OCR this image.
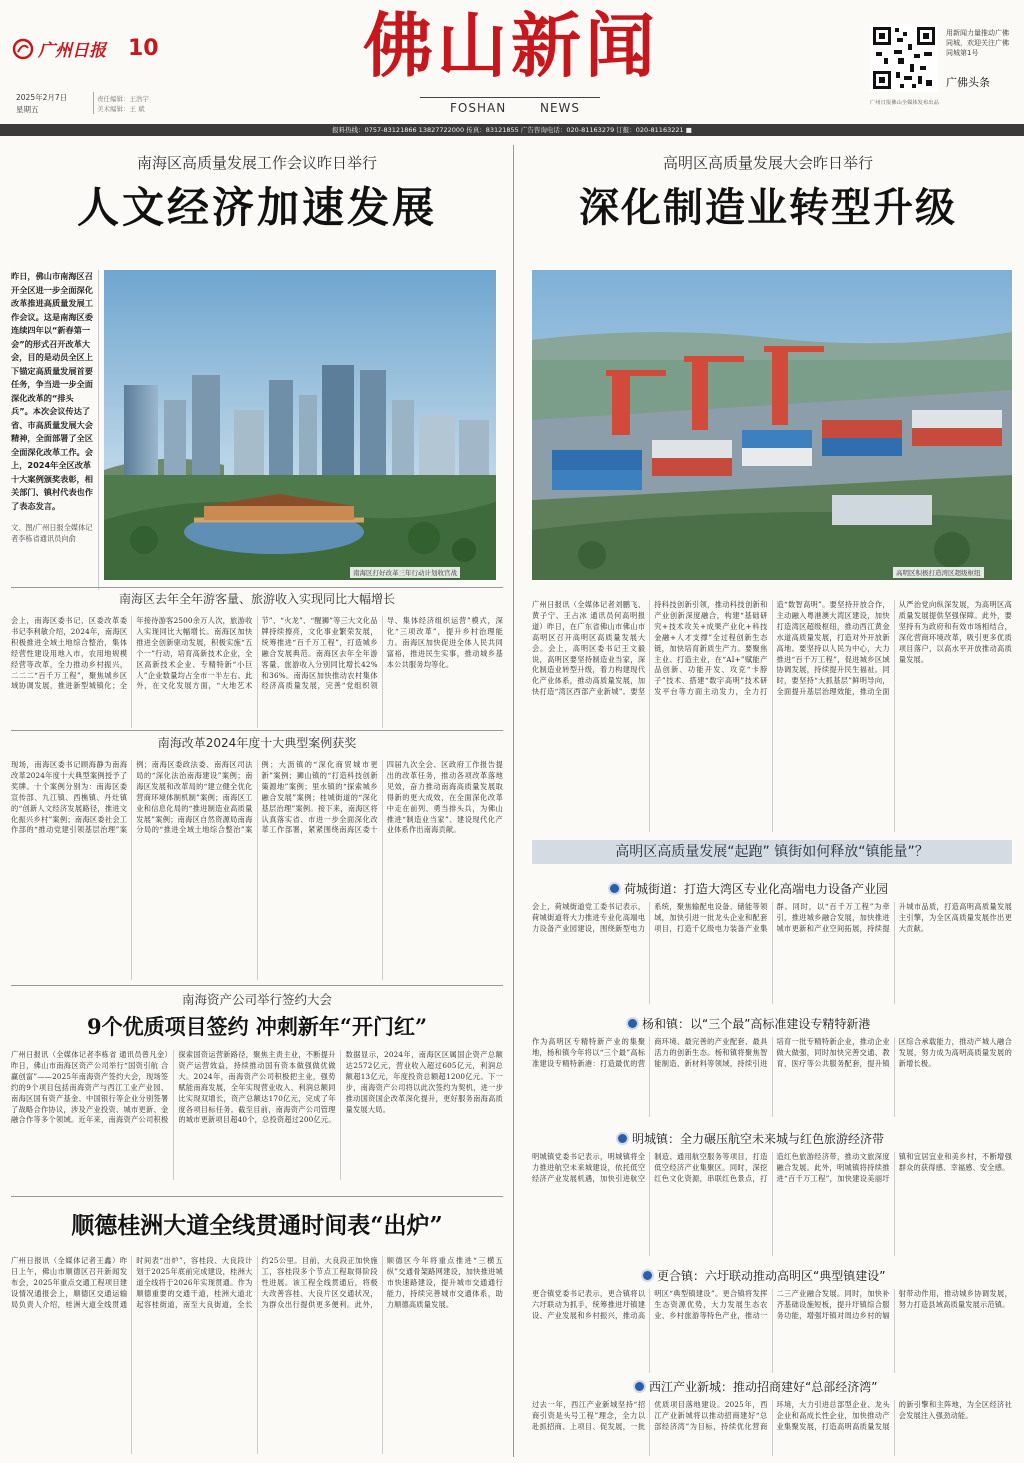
广州日报 10
2025年2月7日
星期五
责任编辑：王浩宇
美术编辑：王 斌
佛山新闻
FOSHAN	NEWS
用新闻力量推动广佛同城，欢迎关注广佛同城第1号
广佛头条
广州日报佛山全媒体发布出品
报料热线：0757-83121866 13827722000 传真：83121855 广告咨询电话：020-81163279 订报：020-81163221 ■
南海区高质量发展工作会议昨日举行
人文经济加速发展
昨日，佛山市南海区召开全区进一步全面深化改革推进高质量发展工作会议。这是南海区委连续四年以“新春第一会”的形式召开改革大会，目的是动员全区上下锚定高质量发展首要任务，争当进一步全面深化改革的“排头兵”。本次会议传达了省、市高质量发展大会精神，全面部署了全区全面深化改革工作。会上，2024年全区改革十大案例颁奖表彰，相关部门、镇村代表也作了表态发言。
文、图/广州日报全媒体记者李栋省通讯员向俞
南海区打好改革三年行动计划收官战
南海区去年全年游客量、旅游收入实现同比大幅增长
会上，南海区委书记、区委改革委书记李利敏介绍，2024年，南海区积极推进全域土地综合整治，集体经营性建设用地入市，农用地规模经营等改革，全力推动乡村振兴，二二二“百千万工程”，聚焦城乡区域协调发展，推进新型城镇化；全年接待游客2500余万人次，旅游收入实现同比大幅增长。南海区加快推进全创新驱动发展，积极实施“五个一”行动，培育高新技术企业，全区高新技术企业、专精特新“小巨人”企业数量均占全市一半左右。此外，在文化发展方面，“大地艺术节”、“火龙”、“醒狮”等三大文化品牌持续擦亮，文化事业繁荣发展，统筹推进“百千万工程”，打造城乡融合发展典范。南海区去年全年游客量、旅游收入分别同比增长42%和36%。南海区加快推动农村集体经济高质量发展，完善“党组织领导、集体经济组织运营”模式，深化“三项改革”，提升乡村治理能力。南海区加快促进全体人民共同富裕，推进民生实事，推动城乡基本公共服务均等化。
南海改革2024年度十大典型案例获奖
现场，南海区委书记顾海静为南海改革2024年度十大典型案例授予了奖牌。十个案例分别为：南海区委宣传部、九江镇、西樵镇、丹灶镇的“创新人文经济发展路径，推进文化振兴乡村”案例；南海区委社会工作部的“推动党建引领基层治理”案例；南海区委政法委、南海区司法局的“深化法治南海建设”案例；南海区发展和改革局的“建立健全优化营商环境体制机制”案例；南海区工业和信息化局的“推进制造业高质量发展”案例；南海区自然资源局南海分局的“推进全域土地综合整治”案例；大沥镇的“深化商贸城市更新”案例；狮山镇的“打造科技创新策源地”案例；里水镇的“探索城乡融合发展”案例；桂城街道的“深化基层治理”案例。接下来，南海区将认真落实省、市进一步全面深化改革工作部署，紧紧围绕南海区委十四届九次全会、区政府工作报告提出的改革任务，推动各项改革落地见效，奋力推动南海高质量发展取得新的更大成效，在全面深化改革中走在前列、勇当排头兵，为佛山推进“制造业当家”、建设现代化产业体系作出南海贡献。
南海资产公司举行签约大会
9个优质项目签约 冲刺新年“开门红”
广州日报讯（全媒体记者李栋省 通讯员曾凡金）昨日，佛山市南海区资产公司举行“国资引航 合赢创富”——2025年南海资产签约大会，现场签约的9个项目包括南海资产与西江工业产业园、南海区国有资产基金、中国银行等企业分别签署了战略合作协议，涉及产业投资、城市更新、金融合作等多个领域。近年来，南海资产公司积极探索国资运营新路径，聚焦主责主业，不断提升资产运营效益，持续推动国有资本做强做优做大。2024年，南海资产公司积极把主业，强势赋能南海发展，全年实现营业收入、利润总额同比实现双增长，资产总额达170亿元，完成了年度各项目标任务。截至目前，南海资产公司管理的城市更新项目超40个，总投资超过200亿元。数据显示，2024年，南海区区属国企资产总额达2572亿元，营业收入超过605亿元，利润总额超13亿元，年度投资总额超1200亿元。下一步，南海资产公司将以此次签约为契机，进一步推动国资国企改革深化提升，更好服务南海高质量发展大局。
顺德桂洲大道全线贯通时间表“出炉”
广州日报讯（全媒体记者王鑫）昨日上午，佛山市顺德区召开新闻发布会，2025年重点交通工程项目建设情况通报会上，顺德区交通运输局负责人介绍，桂洲大道全线贯通时间表“出炉”，容桂段、大良段计划于2025年底前完成建设，桂洲大道全线将于2026年实现贯通。作为顺德重要的交通干道，桂洲大道北起容桂街道，南至大良街道，全长约25公里。目前，大良段正加快施工，容桂段多个节点工程取得阶段性进展。该工程全线贯通后，将极大改善容桂、大良片区交通状况，为群众出行提供更多便利。此外，顺德区今年将重点推进“三横五纵”交通骨架路网建设，加快推进城市快速路建设，提升城市交通通行能力，持续完善城市交通体系，助力顺德高质量发展。
高明区高质量发展大会昨日举行
深化制造业转型升级
高明区积极打造湾区超级枢纽
广州日报讯（全媒体记者刘鹏飞、黄子宁、王占冰 通讯员何高明报道）昨日，在广东省佛山市佛山市高明区召开高明区高质量发展大会。会上，高明区委书记王文毅说，高明区要坚持制造业当家，深化制造业转型升级，着力构建现代化产业体系，推动高质量发展，加快打造“湾区西部产业新城”。要坚持科技创新引领，推动科技创新和产业创新深度融合，构建“基础研究+技术攻关+成果产业化+科技金融+人才支撑”全过程创新生态链，加快培育新质生产力。要聚焦主业、打造主业，在“AI+”赋能产品创新、功能开发、攻克“卡脖子”技术、搭建“数字高明”技术研发平台等方面主动发力，全力打造“数智高明”。要坚持开放合作，主动融入粤港澳大湾区建设，加快打造湾区超级枢纽，推动西江黄金水道高质量发展，打造对外开放新高地。要坚持以人民为中心，大力推进“百千万工程”，促进城乡区域协调发展，持续提升民生福祉。同时，要坚持“大抓基层”鲜明导向，全面提升基层治理效能，推动全面从严治党向纵深发展，为高明区高质量发展提供坚强保障。此外，要坚持有为政府和有效市场相结合，深化营商环境改革，吸引更多优质项目落户，以高水平开放推动高质量发展。
高明区高质量发展“起跑” 镇街如何释放“镇能量”？
荷城街道：打造大湾区专业化高端电力设备产业园
会上，荷城街道党工委书记表示，荷城街道将大力推进专业化高端电力设备产业园建设，围绕新型电力系统，聚焦输配电设备、储能等领域，加快引进一批龙头企业和配套项目，打造千亿级电力装备产业集群。同时，以“百千万工程”为牵引，推进城乡融合发展，加快推进城市更新和产业空间拓展，持续提升城市品质，打造高明高质量发展主引擎，为全区高质量发展作出更大贡献。
杨和镇：以“三个最”高标准建设专精特新港
作为高明区专精特新产业的集聚地，杨和镇今年将以“三个最”高标准建设专精特新港：打造最优的营商环境、最完善的产业配套、最具活力的创新生态。杨和镇将聚焦智能制造、新材料等领域，持续引进培育一批专精特新企业，推动企业做大做强，同时加快完善交通、教育、医疗等公共服务配套，提升镇区综合承载能力，推动产城人融合发展，努力成为高明高质量发展的新增长极。
明城镇：全力碾压航空未来城与红色旅游经济带
明城镇党委书记表示，明城镇将全力推进航空未来城建设，依托低空经济产业发展机遇，加快引进航空制造、通用航空服务等项目，打造低空经济产业集聚区。同时，深挖红色文化资源，串联红色景点，打造红色旅游经济带，推动文旅深度融合发展。此外，明城镇将持续推进“百千万工程”，加快建设美丽圩镇和宜居宜业和美乡村，不断增强群众的获得感、幸福感、安全感。
更合镇：六圩联动推动高明区“典型镇建设”
更合镇党委书记表示，更合镇将以六圩联动为抓手，统筹推进圩镇建设、产业发展和乡村振兴，推动高明区“典型镇建设”。更合镇将发挥生态资源优势，大力发展生态农业、乡村旅游等特色产业，推动一二三产业融合发展。同时，加快补齐基础设施短板，提升圩镇综合服务功能，增强圩镇对周边乡村的辐射带动作用，推动城乡协调发展，努力打造县域高质量发展示范镇。
西江产业新城：推动招商建好“总部经济湾”
过去一年，西江产业新城坚持“招商引资是头号工程”理念，全力以赴抓招商、上项目、促发展，一批优质项目落地建设。2025年，西江产业新城将以推动招商建好“总部经济湾”为目标，持续优化营商环境，大力引进总部型企业、龙头企业和高成长性企业，加快推动产业集聚发展，打造高明高质量发展的新引擎和主阵地，为全区经济社会发展注入强劲动能。
